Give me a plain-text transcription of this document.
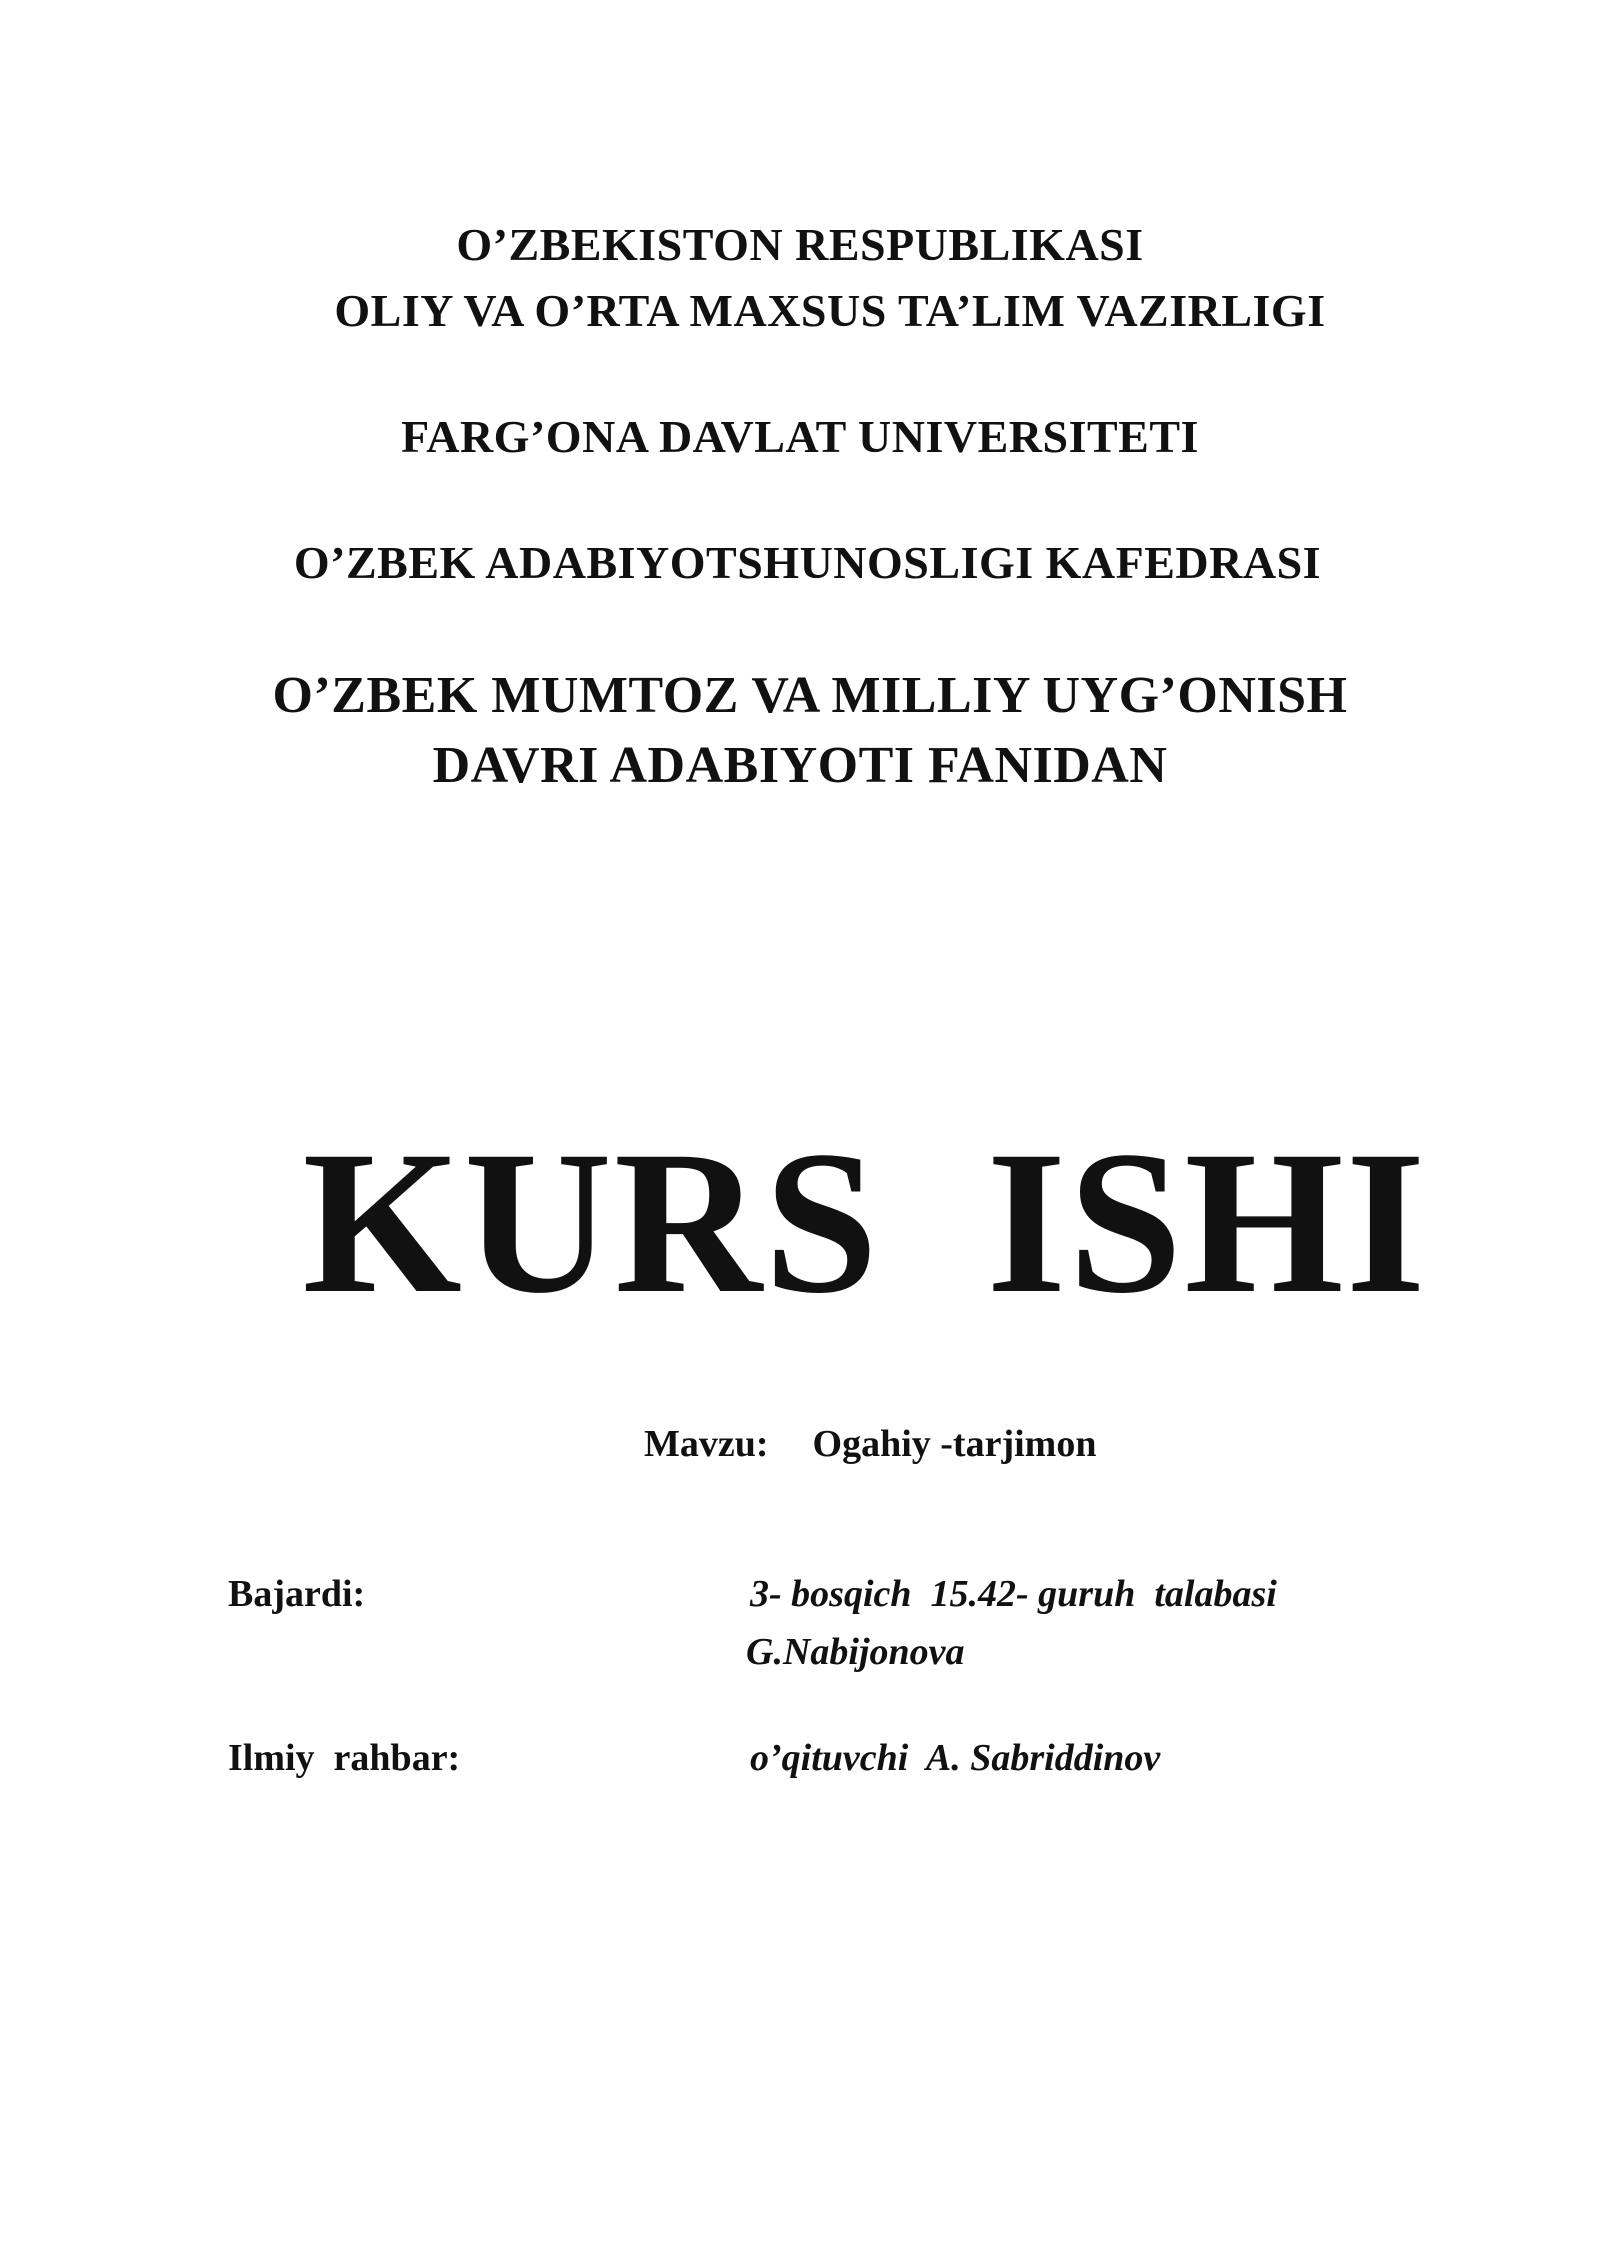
O’ZBEKISTON RESPUBLIKASI
OLIY VA O’RTA MAXSUS TA’LIM VAZIRLIGI
FARG’ONA DAVLAT UNIVERSITETI
O’ZBEK ADABIYOTSHUNOSLIGI KAFEDRASI
O’ZBEK MUMTOZ VA MILLIY UYG’ONISH
DAVRI ADABIYOTI FANIDAN
KURS  ISHI

Mavzu: Ogahiy -tarjimon

Bajardi:	3- bosqich  15.42- guruh  talabasi
G.Nabijonova
Ilmiy  rahbar:	o’qituvchi  A. Sabriddinov
